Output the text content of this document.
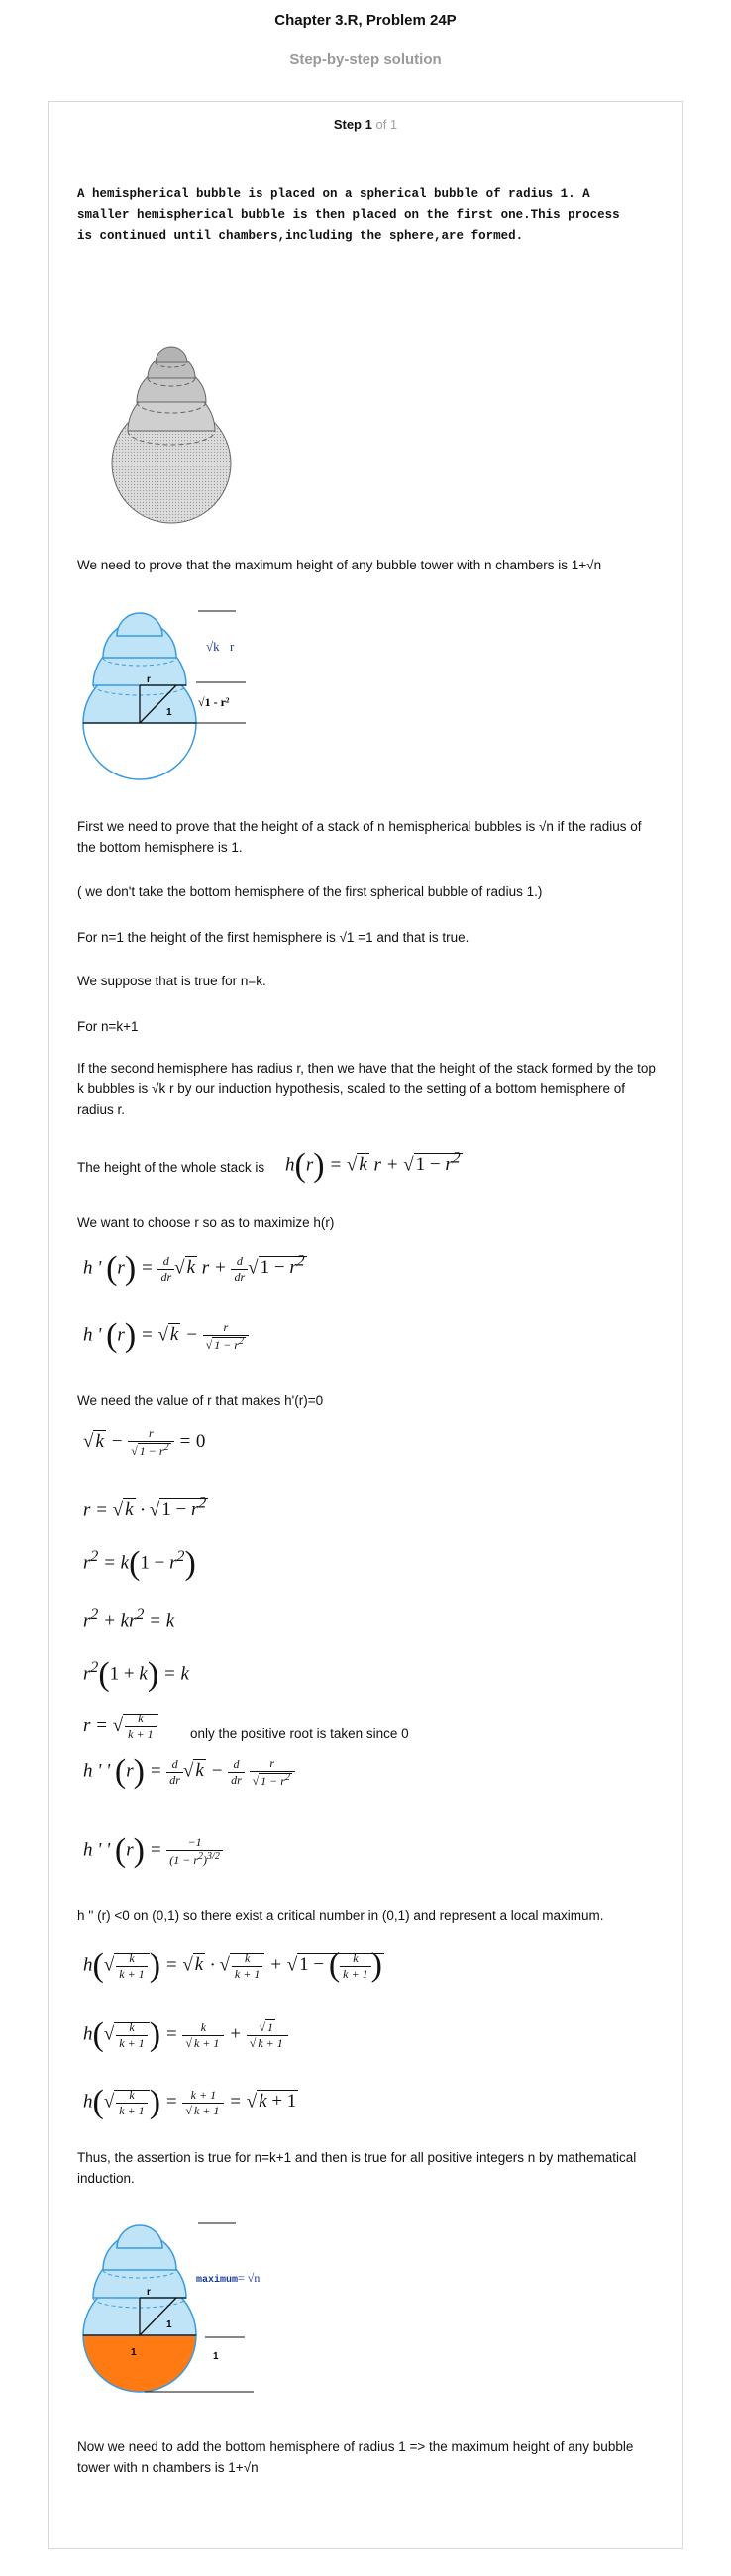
Chapter 3.R, Problem 24P
Step-by-step solution
Step 1 of 1
A hemispherical bubble is placed on a spherical bubble of radius 1. A smaller hemispherical bubble is then placed on the first one.This process is continued until chambers,including the sphere,are formed.
We need to prove that the maximum height of any bubble tower with n chambers is 1+√n
r
1
√k r
√1 - r²
First we need to prove that the height of a stack of n hemispherical bubbles is √n if the radius of the bottom hemisphere is 1.
( we don't take the bottom hemisphere of the first spherical bubble of radius 1.)
For n=1 the height of the first hemisphere is √1 =1 and that is true.
We suppose that is true for n=k.
For n=k+1
If the second hemisphere has radius r, then we have that the height of the stack formed by the top k bubbles is √k r by our induction hypothesis, scaled to the setting of a bottom hemisphere of radius r.
The height of the whole stack is	h(r) = √ k r + √ $1 - r^2$
We want to choose r so as to maximize h(r)
h ' $(r) = \frac{d}{dr}$ √ k $r + \frac{d}{dr}$ √ $1 - r^2$
h ' (r) = √ $k - \frac{r}{√ 1 - r^2}$
We need the value of r that makes h'(r)=0
√ $k - \frac{r}{√ 1 - r^2} = 0$
r = √ k · √ $1 - r^2$
$r^2 = k(1 - r^2)$
$r^2 + kr^2 = k$
$r^2(1 + k) = k$
r = √ $\frac{k}{k + 1}$	only the positive root is taken since 0
h ' ' $(r) = \frac{d}{dr}$ √ $k - \frac{d}{dr}$
$\frac{r}{√ 1 - r^2}$
h ' ' $(r) = \frac{-1}{(1 - r^2)^{3/2}}$
h '' (r) <0 on (0,1) so there exist a critical number in (0,1) and represent a local maximum.
$h(√ \frac{k}{k + 1}$ ) = √ k · √ $\frac{k}{k + 1}$ + √ 1 − ( $\frac{k}{k + 1}$ )
$h(√ \frac{k}{k + 1}$ ) = $\frac{k}{√ k + 1} + \frac{√ 1}{√ k + 1}$
$h(√ \frac{k}{k + 1}$ ) = $\frac{k + 1}{√ k + 1}$ = √ k + 1
Thus, the assertion is true for n=k+1 and then is true for all positive integers n by mathematical induction.
r
1
1
maximum = √n
1
Now we need to add the bottom hemisphere of radius 1 => the maximum height of any bubble tower with n chambers is 1+√n
